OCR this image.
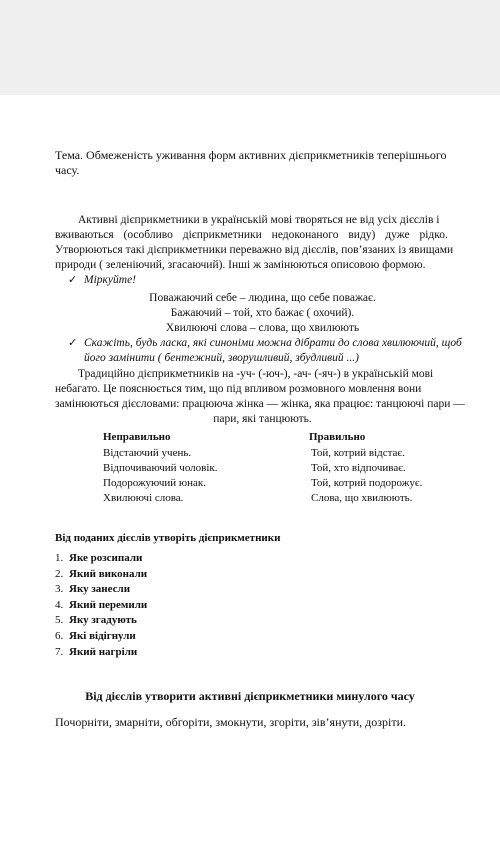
Тема. Обмеженість уживання форм активних дієприкметників теперішнього
часу.
Активні дієприкметники в українській мові творяться не від усіх дієслів і
вживаються (особливо дієприкметники недоконаного виду) дуже рідко.
Утворюються такі дієприкметники переважно від дієслів, пов’язаних із явищами
природи ( зеленіючий, згасаючий). Інші ж замінюються описовою формою.
✓ Міркуйте!
Поважаючий себе – людина, що себе поважає.
Бажаючий – той, хто бажає ( охочий).
Хвилюючі слова – слова, що хвилюють
✓ Скажіть, будь ласка, які синоніми можна дібрати до слова хвилюючий, щоб
його замінити ( бентежний, зворушливий, збудливий ...)
Традиційно дієприкметників на -уч- (-юч-), -ач- (-яч-) в українській мові
небагато. Це пояснюється тим, що під впливом розмовного мовлення вони
замінюються дієсловами: працююча жінка — жінка, яка працює: танцюючі пари —
пари, які танцюють.
Неправильно	Правильно
Відстаючий учень.
Відпочиваючий чоловік.
Подорожуючий юнак.
Хвилюючі слова.
Той, котрий відстає.
Той, хто відпочиває.
Той, котрий подорожує.
Слова, що хвилюють.
Від поданих дієслів утворіть дієприкметники
1. Яке розсипали
2. Який виконали
3. Яку занесли
4. Який перемили
5. Яку згадують
6. Які відігнули
7. Який нагріли
Від дієслів утворити активні дієприкметники минулого часу
Почорніти, змарніти, обгоріти, змокнути, згоріти, зів’янути, дозріти.
